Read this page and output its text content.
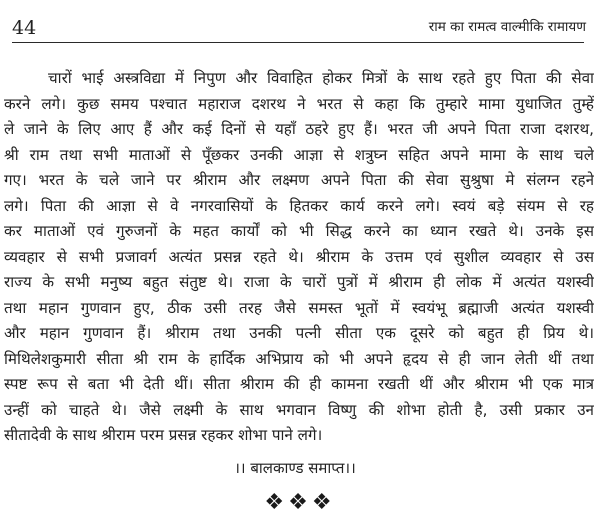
44	राम का रामत्व वाल्मीकि रामायण
चारों भाई अस्त्रविद्या में निपुण और विवाहित होकर मित्रों के साथ रहते हुए पिता की सेवा
करने लगे। कुछ समय पश्चात महाराज दशरथ ने भरत से कहा कि तुम्हारे मामा युधाजित तुम्हें
ले जाने के लिए आए हैं और कई दिनों से यहाँ ठहरे हुए हैं। भरत जी अपने पिता राजा दशरथ,
श्री राम तथा सभी माताओं से पूँछकर उनकी आज्ञा से शत्रुघ्न सहित अपने मामा के साथ चले
गए। भरत के चले जाने पर श्रीराम और लक्ष्मण अपने पिता की सेवा सुश्रुषा मे संलग्न रहने
लगे। पिता की आज्ञा से वे नगरवासियों के हितकर कार्य करने लगे। स्वयं बड़े संयम से रह
कर माताओं एवं गुरुजनों के महत कार्यों को भी सिद्ध करने का ध्यान रखते थे। उनके इस
व्यवहार से सभी प्रजावर्ग अत्यंत प्रसन्न रहते थे। श्रीराम के उत्तम एवं सुशील व्यवहार से उस
राज्य के सभी मनुष्य बहुत संतुष्ट थे। राजा के चारों पुत्रों में श्रीराम ही लोक में अत्यंत यशस्वी
तथा महान गुणवान हुए, ठीक उसी तरह जैसे समस्त भूतों में स्वयंभू ब्रह्माजी अत्यंत यशस्वी
और महान गुणवान हैं। श्रीराम तथा उनकी पत्नी सीता एक दूसरे को बहुत ही प्रिय थे।
मिथिलेशकुमारी सीता श्री राम के हार्दिक अभिप्राय को भी अपने हृदय से ही जान लेती थीं तथा
स्पष्ट रूप से बता भी देती थीं। सीता श्रीराम की ही कामना रखती थीं और श्रीराम भी एक मात्र
उन्हीं को चाहते थे। जैसे लक्ष्मी के साथ भगवान विष्णु की शोभा होती है, उसी प्रकार उन
सीतादेवी के साथ श्रीराम परम प्रसन्न रहकर शोभा पाने लगे।
।। बालकाण्ड समाप्त।।
❖❖❖
